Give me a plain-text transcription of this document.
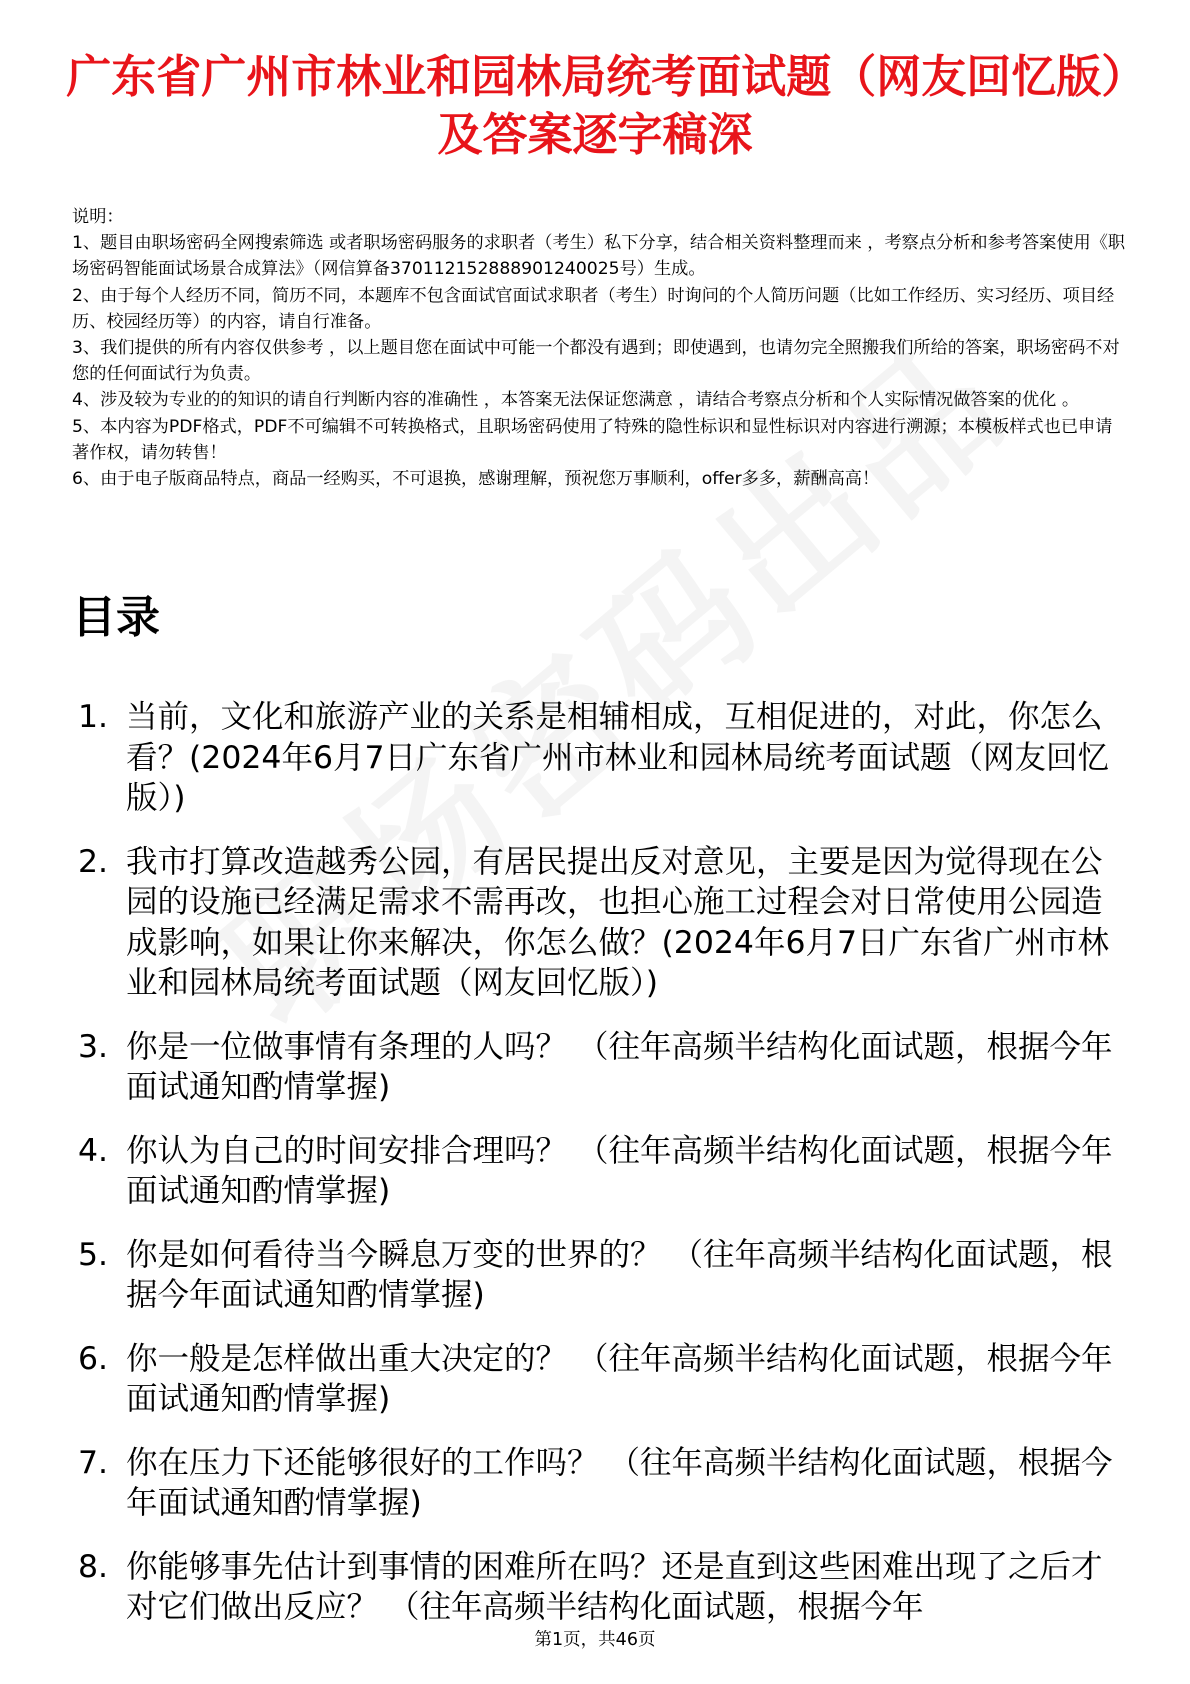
广东省广州市林业和园林局统考面试题（网友回忆版）及答案逐字稿深

说明：

1、题目由职场密码全网搜索筛选 或者职场密码服务的求职者（考生）私下分享，结合相关资料整理而来 ，考察点分析和参考答案使用《职场密码智能面试场景合成算法》（网信算备370112152888901240025号）生成。

2、由于每个人经历不同，简历不同，本题库不包含面试官面试求职者（考生）时询问的个人简历问题（比如工作经历、实习经历、项目经历、校园经历等）的内容，请自行准备。

3、我们提供的所有内容仅供参考 ，以上题目您在面试中可能一个都没有遇到；即使遇到，也请勿完全照搬我们所给的答案，职场密码不对您的任何面试行为负责。

4、涉及较为专业的的知识的请自行判断内容的准确性 ，本答案无法保证您满意 ，请结合考察点分析和个人实际情况做答案的优化 。

5、本内容为PDF格式，PDF不可编辑不可转换格式，且职场密码使用了特殊的隐性标识和显性标识对内容进行溯源；本模板样式也已申请著作权，请勿转售！

6、由于电子版商品特点，商品一经购买，不可退换，感谢理解，预祝您万事顺利，offer多多，薪酬高高！

目录
1. 当前，文化和旅游产业的关系是相辅相成，互相促进的，对此，你怎么看？(2024年6月7日广东省广州市林业和园林局统考面试题（网友回忆版）)
2. 我市打算改造越秀公园，有居民提出反对意见，主要是因为觉得现在公园的设施已经满足需求不需再改，也担心施工过程会对日常使用公园造成影响，如果让你来解决，你怎么做？(2024年6月7日广东省广州市林业和园林局统考面试题（网友回忆版）)
3. 你是一位做事情有条理的人吗？ （往年高频半结构化面试题，根据今年面试通知酌情掌握)
4. 你认为自己的时间安排合理吗？ （往年高频半结构化面试题，根据今年面试通知酌情掌握)
5. 你是如何看待当今瞬息万变的世界的？ （往年高频半结构化面试题，根据今年面试通知酌情掌握)
6. 你一般是怎样做出重大决定的？ （往年高频半结构化面试题，根据今年面试通知酌情掌握)
7. 你在压力下还能够很好的工作吗？ （往年高频半结构化面试题，根据今年面试通知酌情掌握)
8. 你能够事先估计到事情的困难所在吗？还是直到这些困难出现了之后才对它们做出反应？ （往年高频半结构化面试题，根据今年
第1页，共46页
